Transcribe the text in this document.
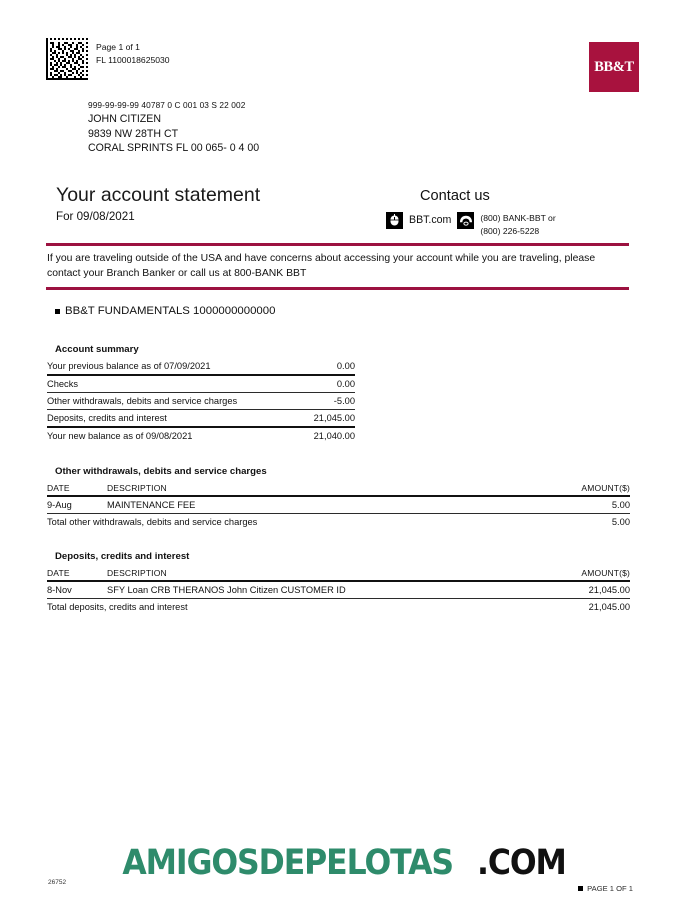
Page 1 of 1
FL 1100018625030	BB&T
999-99-99-99 40787 0 C 001 03 S 22 002
JOHN CITIZEN
9839 NW 28TH CT
CORAL SPRINTS FL 00 065- 0 4 00
Your account statement
For 09/08/2021
Contact us
BBT.com	(800) BANK-BBT or
(800) 226-5228
If you are traveling outside of the USA and have concerns about accessing your account while you are traveling, please contact your Branch Banker or call us at 800-BANK BBT
BB&T FUNDAMENTALS 1000000000000
Account summary
Your previous balance as of 07/09/2021	0.00
Checks	0.00
Other withdrawals, debits and service charges	-5.00
Deposits, credits and interest	21,045.00
Your new balance as of 09/08/2021	21,040.00
Other withdrawals, debits and service charges
DATE	DESCRIPTION	AMOUNT($)
9-Aug	MAINTENANCE FEE	5.00
Total other withdrawals, debits and service charges		5.00
Deposits, credits and interest
DATE	DESCRIPTION	AMOUNT($)
8-Nov	SFY Loan CRB THERANOS John Citizen CUSTOMER ID	21,045.00
Total deposits, credits and interest		21,045.00
AMIGOSDEPELOTAS .COM
26752
PAGE 1 OF 1
